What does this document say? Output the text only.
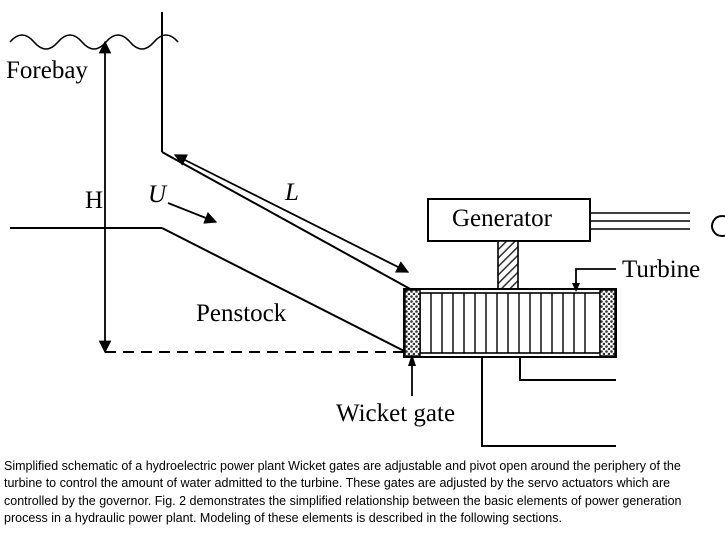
Forebay
H U	L
Penstock
Generator
Turbine
Wicket gate
Simplified schematic of a hydroelectric power plant Wicket gates are adjustable and pivot open around the periphery of the turbine to control the amount of water admitted to the turbine. These gates are adjusted by the servo actuators which are controlled by the governor. Fig. 2 demonstrates the simplified relationship between the basic elements of power generation process in a hydraulic power plant. Modeling of these elements is described in the following sections.
